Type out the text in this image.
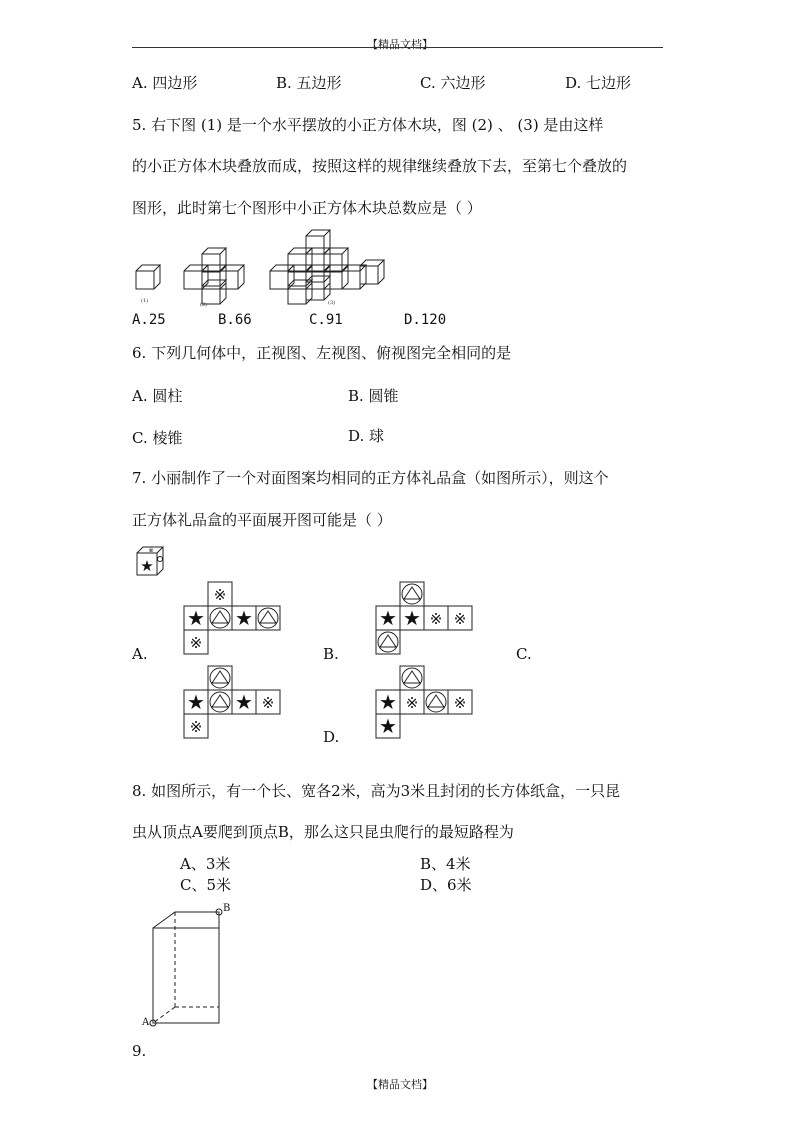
【精品文档】
A. 四边形	B. 五边形	C. 六边形	D. 七边形
5. 右下图 (1) 是一个水平摆放的小正方体木块，图 (2) 、 (3) 是由这样
的小正方体木块叠放而成，按照这样的规律继续叠放下去，至第七个叠放的
图形，此时第七个图形中小正方体木块总数应是（ ）
(1)
(2)	(3)
A.25	B.66	C.91	D.120
6. 下列几何体中，正视图、左视图、俯视图完全相同的是
A. 圆柱	B. 圆锥
C. 棱锥	D. 球
7. 小丽制作了一个对面图案均相同的正方体礼品盒（如图所示），则这个
正方体礼品盒的平面展开图可能是（ ）
★
※
※
★ ★
※
★ ★ ※ ※
★ ★ ※
※
★ ※ ※
★
A.	B.	C.
D.
8. 如图所示，有一个长、宽各2米，高为3米且封闭的长方体纸盒，一只昆
虫从顶点A要爬到顶点B，那么这只昆虫爬行的最短路程为
A、3米	B、4米
C、5米	D、6米
A
B
9.
【精品文档】
